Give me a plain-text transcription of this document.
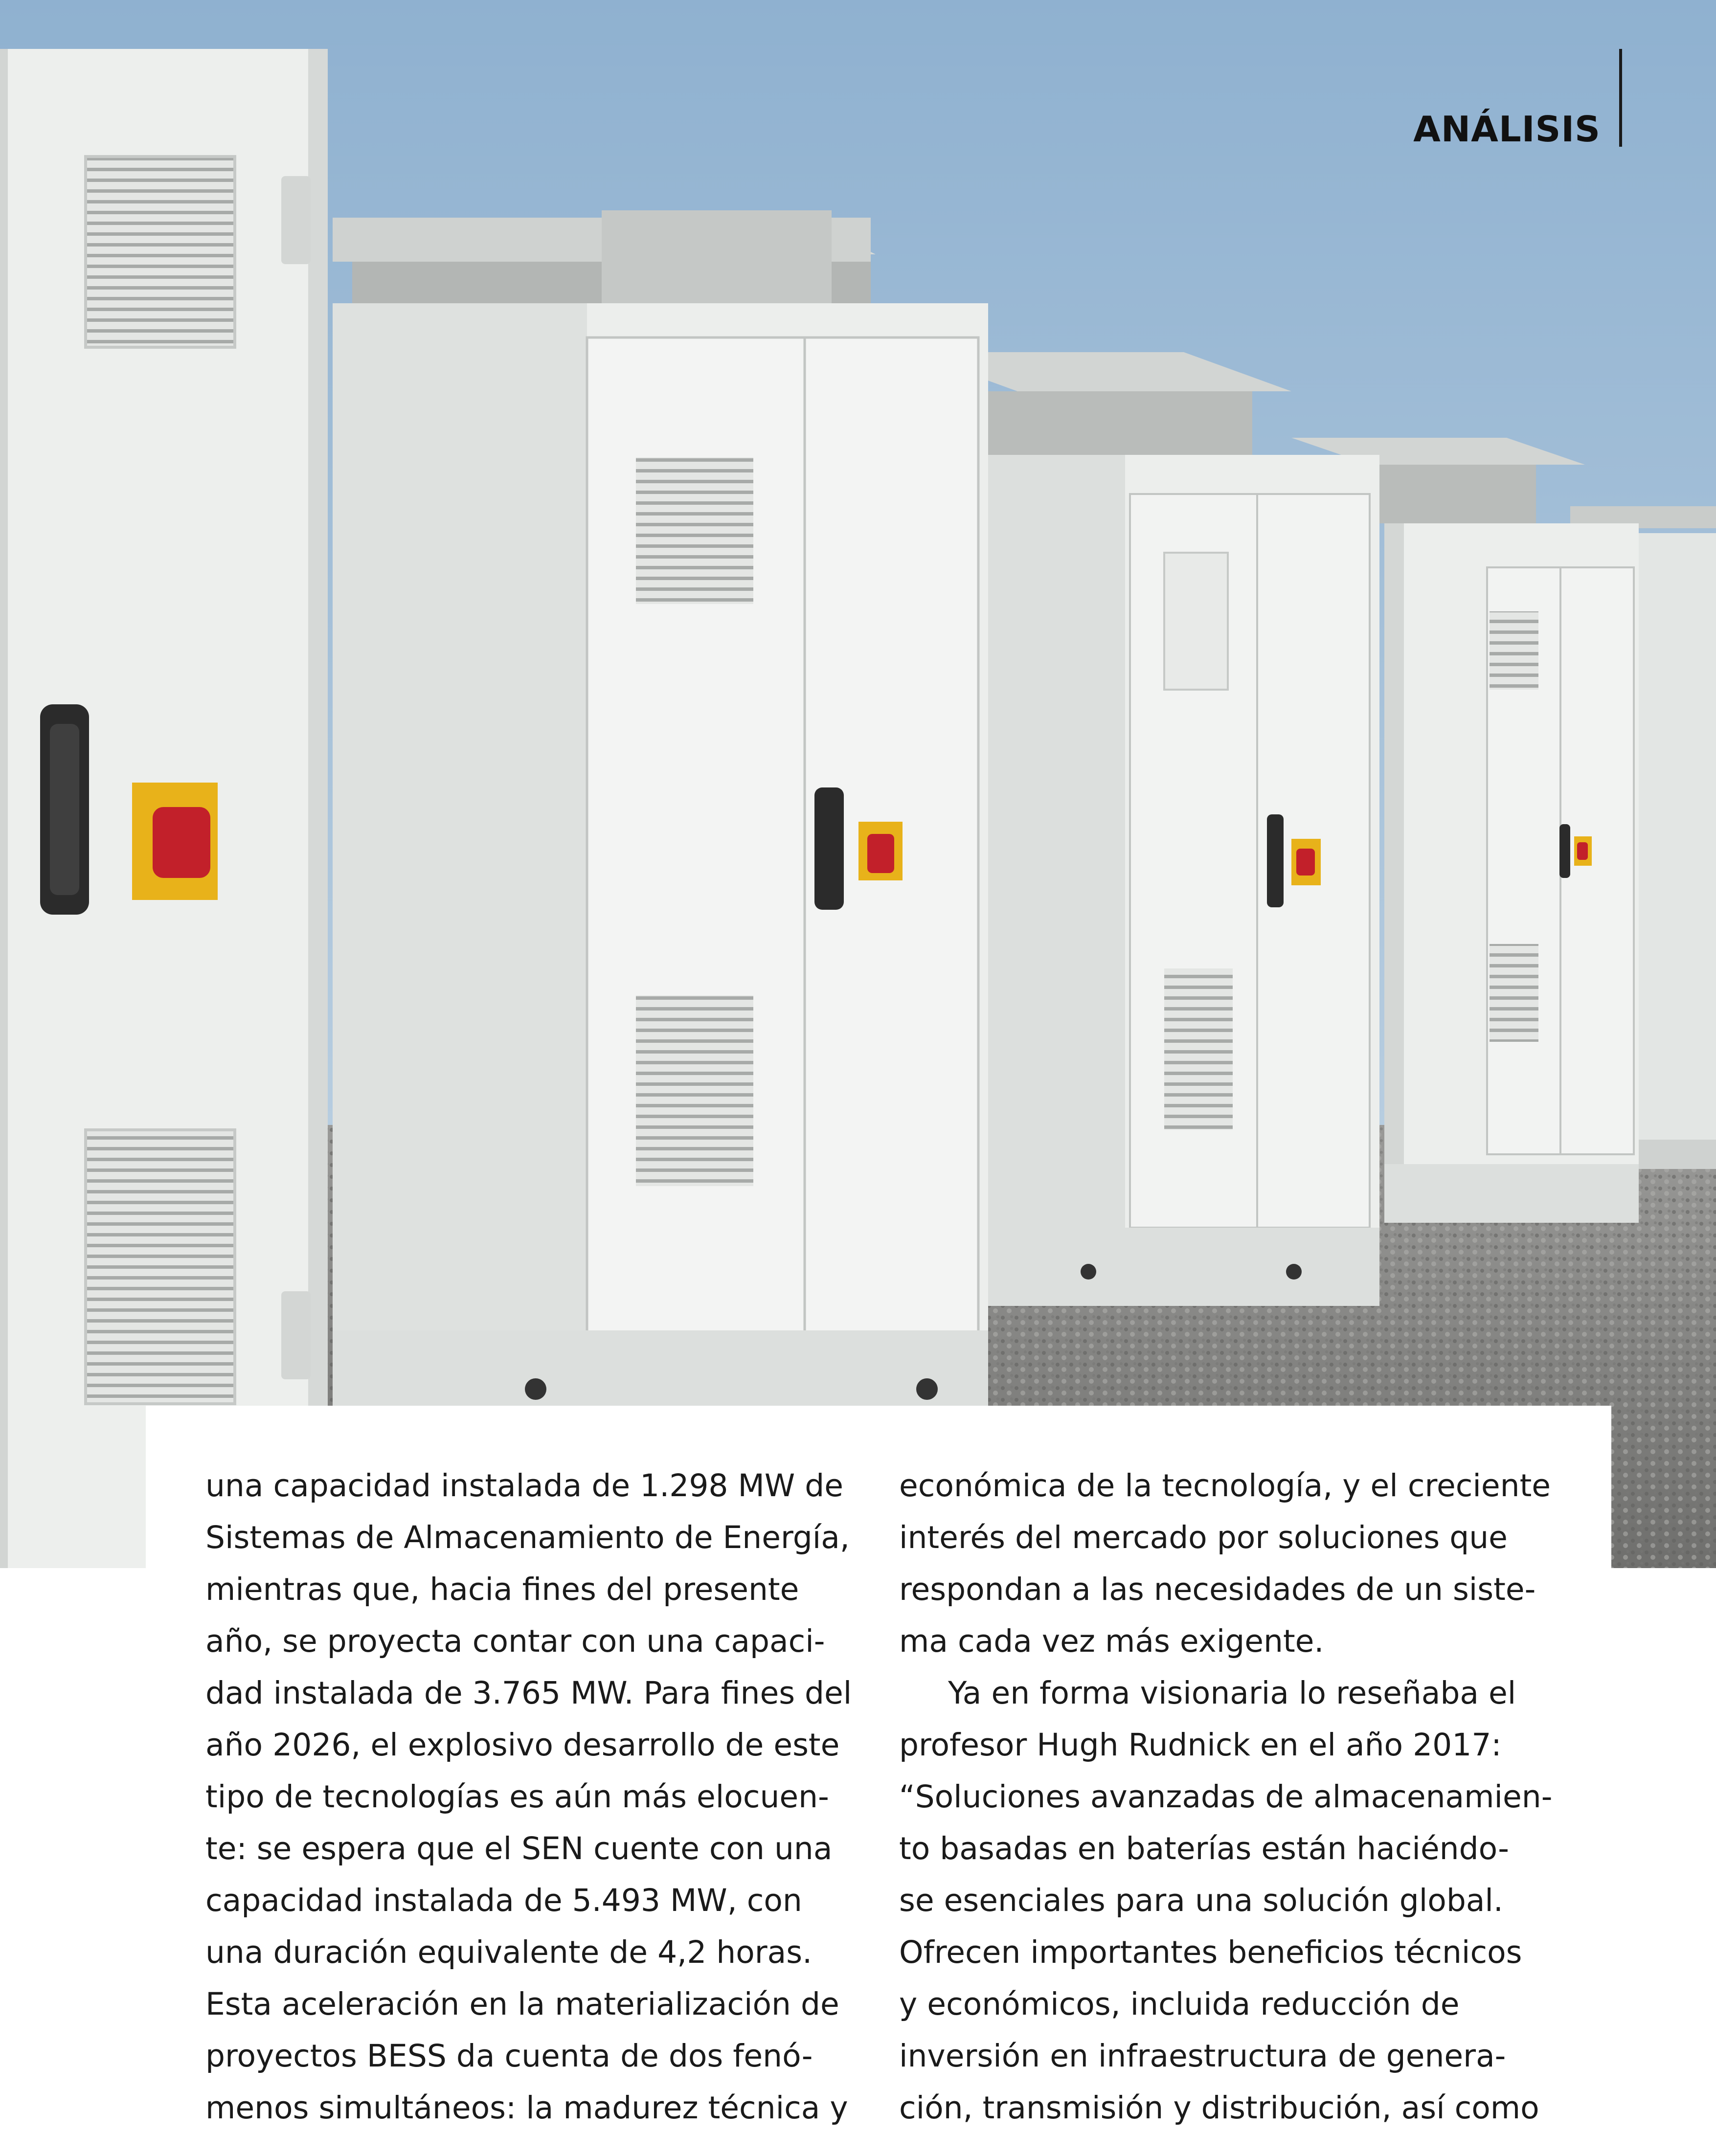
ANÁLISIS
una capacidad instalada de 1.298 MW de
Sistemas de Almacenamiento de Energía,
mientras que, hacia fines del presente
año, se proyecta contar con una capaci-
dad instalada de 3.765 MW. Para fines del
año 2026, el explosivo desarrollo de este
tipo de tecnologías es aún más elocuen-
te: se espera que el SEN cuente con una
capacidad instalada de 5.493 MW, con
una duración equivalente de 4,2 horas.
Esta aceleración en la materialización de
proyectos BESS da cuenta de dos fenó-
menos simultáneos: la madurez técnica y
económica de la tecnología, y el creciente
interés del mercado por soluciones que
respondan a las necesidades de un siste-
ma cada vez más exigente.
Ya en forma visionaria lo reseñaba el
profesor Hugh Rudnick en el año 2017:
“Soluciones avanzadas de almacenamien-
to basadas en baterías están haciéndo-
se esenciales para una solución global.
Ofrecen importantes beneficios técnicos
y económicos, incluida reducción de
inversión en infraestructura de genera-
ción, transmisión y distribución, así como
